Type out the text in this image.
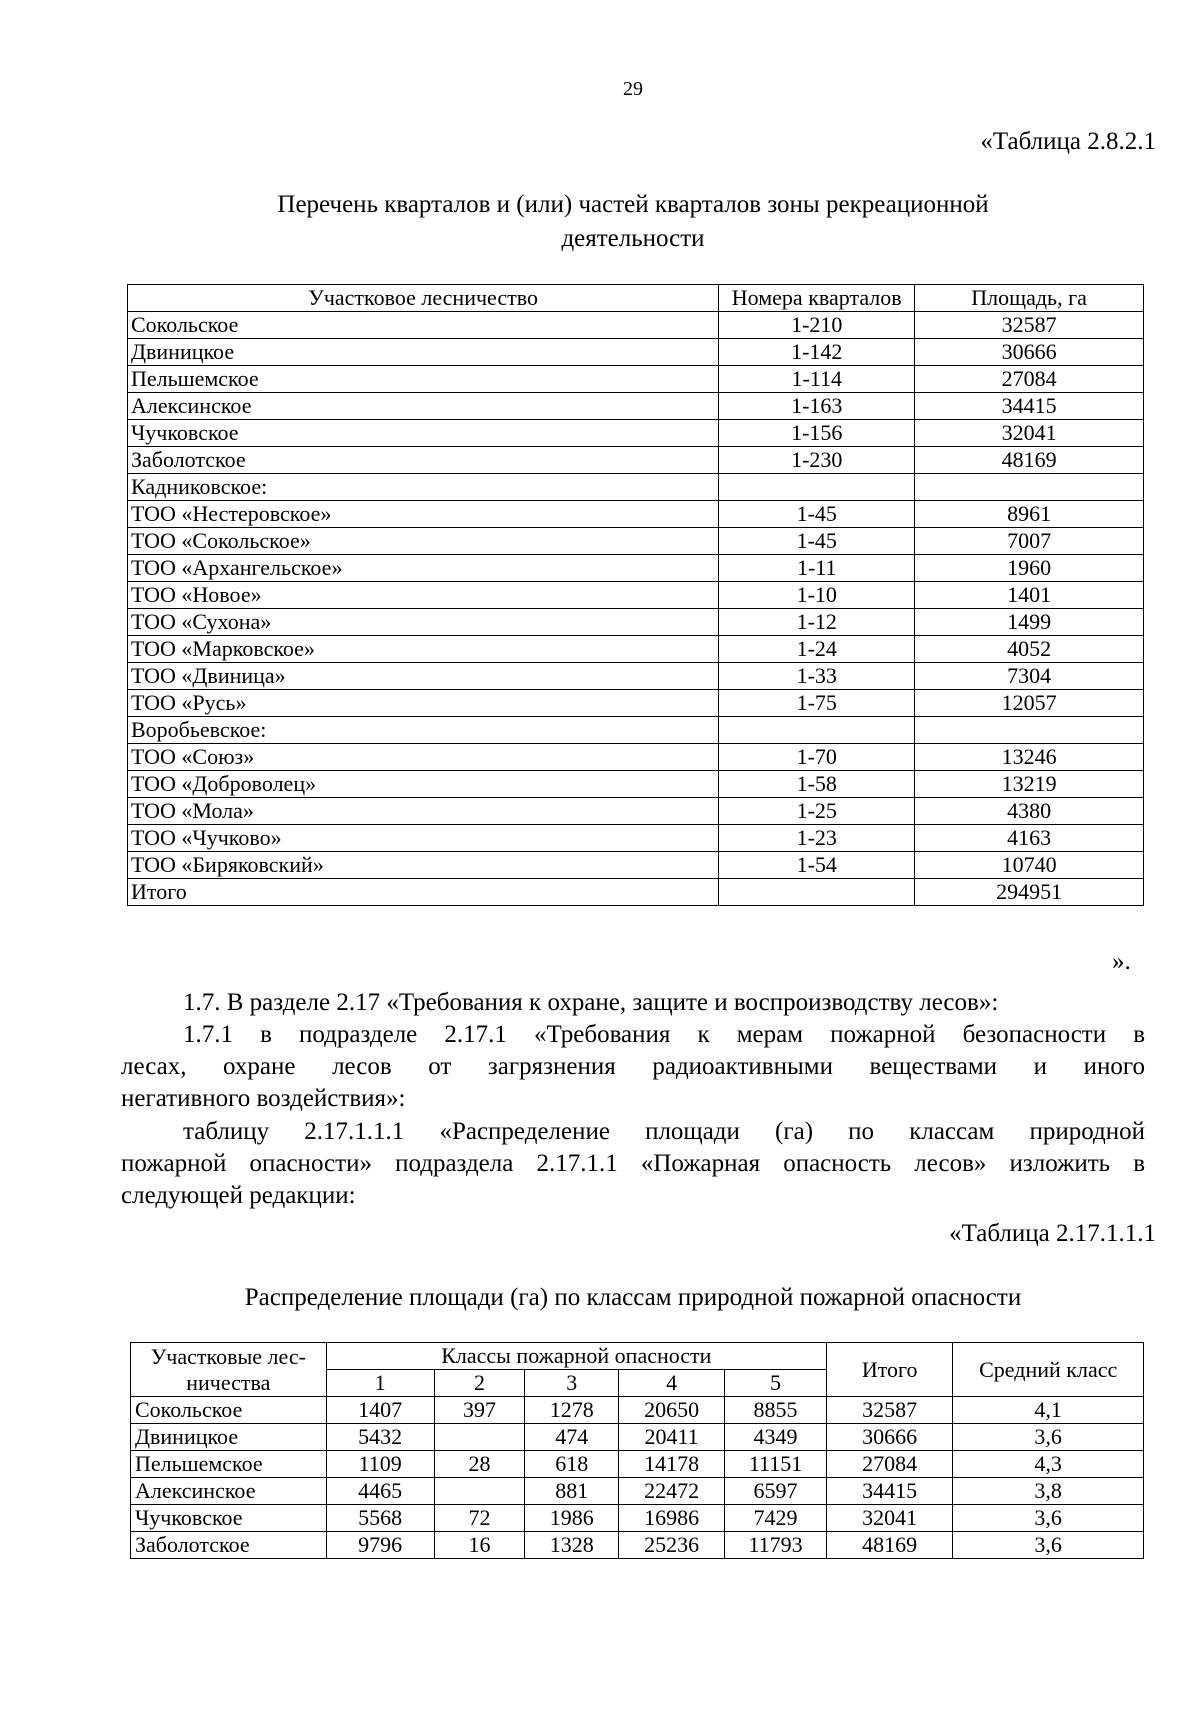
29
«Таблица 2.8.2.1
Перечень кварталов и (или) частей кварталов зоны рекреационной
деятельности
Участковое лесничество	Номера кварталов	Площадь, га
Сокольское	1-210	32587
Двиницкое	1-142	30666
Пельшемское	1-114	27084
Алексинское	1-163	34415
Чучковское	1-156	32041
Заболотское	1-230	48169
Кадниковское:		
ТОО «Нестеровское»	1-45	8961
ТОО «Сокольское»	1-45	7007
ТОО «Архангельское»	1-11	1960
ТОО «Новое»	1-10	1401
ТОО «Сухона»	1-12	1499
ТОО «Марковское»	1-24	4052
ТОО «Двиница»	1-33	7304
ТОО «Русь»	1-75	12057
Воробьевское:		
ТОО «Союз»	1-70	13246
ТОО «Доброволец»	1-58	13219
ТОО «Мола»	1-25	4380
ТОО «Чучково»	1-23	4163
ТОО «Биряковский»	1-54	10740
Итого		294951
».
1.7. В разделе 2.17 «Требования к охране, защите и воспроизводству лесов»:
1.7.1 в подразделе 2.17.1 «Требования к мерам пожарной безопасности в
лесах, охране лесов от загрязнения радиоактивными веществами и иного
негативного воздействия»:
таблицу 2.17.1.1.1 «Распределение площади (га) по классам природной
пожарной опасности» подраздела 2.17.1.1 «Пожарная опасность лесов» изложить в
следующей редакции:
«Таблица 2.17.1.1.1
Распределение площади (га) по классам природной пожарной опасности
Участковые лес-
ничества	Классы пожарной опасности					Итого	Средний класс
	1	2	3	4	5		
Сокольское	1407	397	1278	20650	8855	32587	4,1
Двиницкое	5432		474	20411	4349	30666	3,6
Пельшемское	1109	28	618	14178	11151	27084	4,3
Алексинское	4465		881	22472	6597	34415	3,8
Чучковское	5568	72	1986	16986	7429	32041	3,6
Заболотское	9796	16	1328	25236	11793	48169	3,6
